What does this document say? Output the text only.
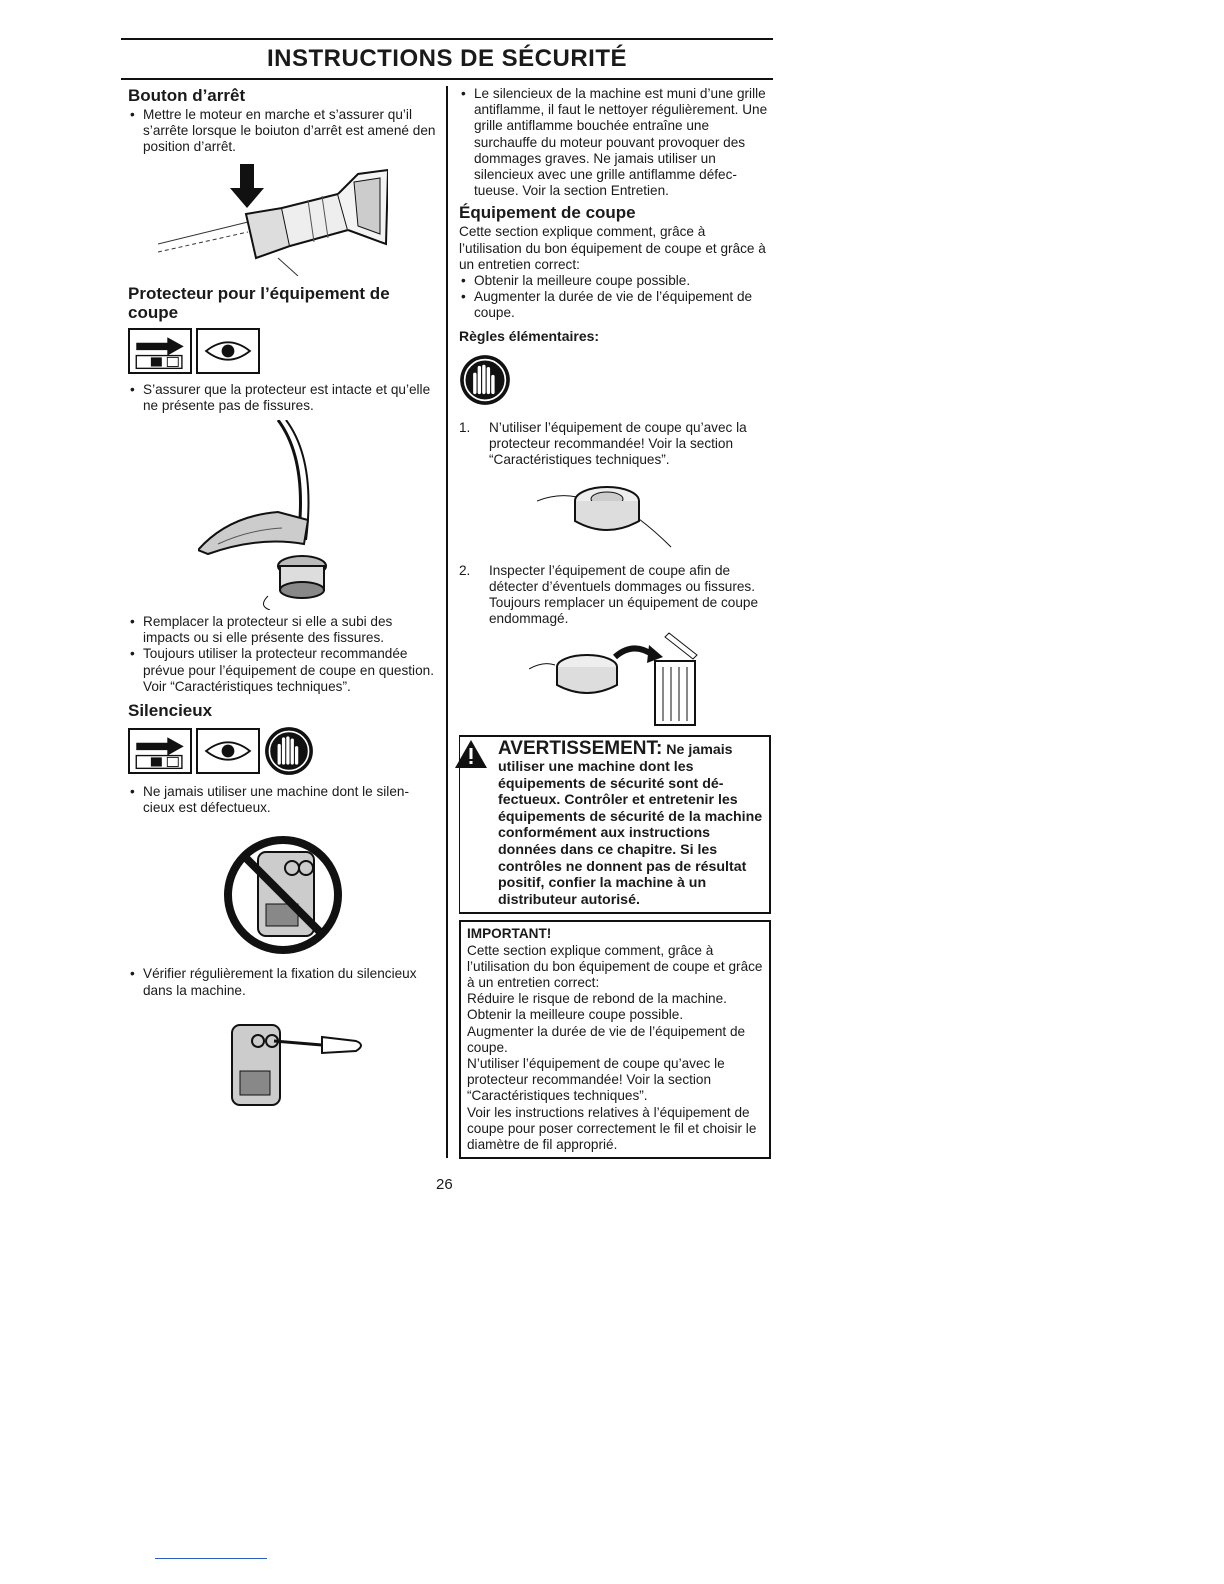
INSTRUCTIONS DE SÉCURITÉ
Bouton d’arrêt
• Mettre le moteur en marche et s’assurer qu’il s’arrête lorsque le boiuton d’arrêt est amené den position d’arrêt.
Protecteur pour l’équipement de coupe
• S’assurer que la protecteur est intacte et qu’elle ne présente pas de fissures.
• Remplacer la protecteur si elle a subi des impacts ou si elle présente des fissures.
• Toujours utiliser la protecteur recommandée prévue pour l’équipement de coupe en question. Voir “Caractéristiques techniques”.
Silencieux
• Ne jamais utiliser une machine dont le silencieux est défectueux.
• Vérifier régulièrement la fixation du silencieux dans la machine.
• Le silencieux de la machine est muni d’une grille antiflamme, il faut le nettoyer régulièrement. Une grille antiflamme bouchée entraîne une surchauffe du moteur pouvant provoquer des dommages graves. Ne jamais utiliser un silencieux avec une grille antiflamme défectueuse. Voir la section Entretien.
Équipement de coupe

Cette section explique comment, grâce à l’utilisation du bon équipement de coupe et grâce à un entretien correct:

• Obtenir la meilleure coupe possible.
• Augmenter la durée de vie de l’équipement de coupe.
Règles élémentaires:
1. N’utiliser l’équipement de coupe qu’avec la protecteur recommandée! Voir la section “Caractéristiques techniques”.
2. Inspecter l’équipement de coupe afin de détecter d’éventuels dommages ou fissures. Toujours remplacer un équipement de coupe endommagé.
AVERTISSEMENT: Ne jamais utiliser une machine dont les équipements de sécurité sont défectueux. Contrôler et entretenir les équipements de sécurité de la machine conformément aux instructions données dans ce chapitre. Si les contrôles ne donnent pas de résultat positif, confier la machine à un distributeur autorisé.
IMPORTANT!
Cette section explique comment, grâce à l’utilisation du bon équipement de coupe et grâce à un entretien correct:
Réduire le risque de rebond de la machine.
Obtenir la meilleure coupe possible.
Augmenter la durée de vie de l’équipement de coupe.
N’utiliser l’équipement de coupe qu’avec le protecteur recommandée! Voir la section “Caractéristiques techniques”.
Voir les instructions relatives à l’équipement de coupe pour poser correctement le fil et choisir le diamètre de fil approprié.
26
